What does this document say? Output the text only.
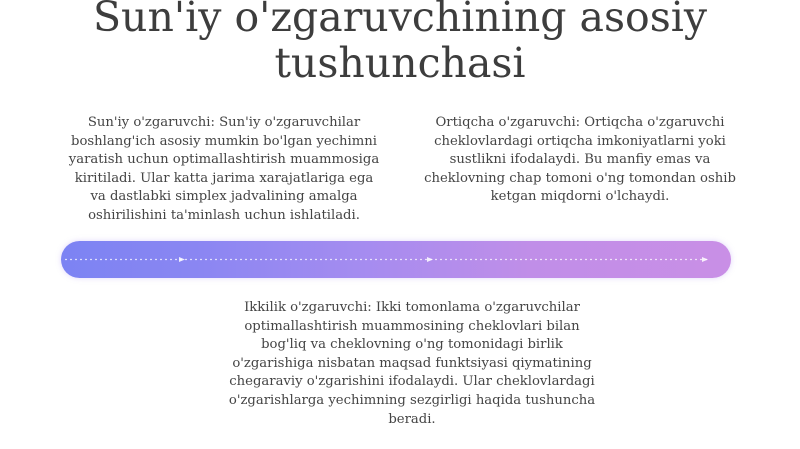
Sun'iy o'zgaruvchining asosiy tushunchasi

Sun'iy o'zgaruvchi: Sun'iy o'zgaruvchilar boshlang'ich asosiy mumkin bo'lgan yechimni yaratish uchun optimallashtirish muammosiga kiritiladi. Ular katta jarima xarajatlariga ega va dastlabki simplex jadvalining amalga oshirilishini ta'minlash uchun ishlatiladi.

Ortiqcha o'zgaruvchi: Ortiqcha o'zgaruvchi cheklovlardagi ortiqcha imkoniyatlarni yoki sustlikni ifodalaydi. Bu manfiy emas va cheklovning chap tomoni o'ng tomondan oshib ketgan miqdorni o'lchaydi.

Ikkilik o'zgaruvchi: Ikki tomonlama o'zgaruvchilar optimallashtirish muammosining cheklovlari bilan bog'liq va cheklovning o'ng tomonidagi birlik o'zgarishiga nisbatan maqsad funktsiyasi qiymatining chegaraviy o'zgarishini ifodalaydi. Ular cheklovlardagi o'zgarishlarga yechimning sezgirligi haqida tushuncha beradi.
